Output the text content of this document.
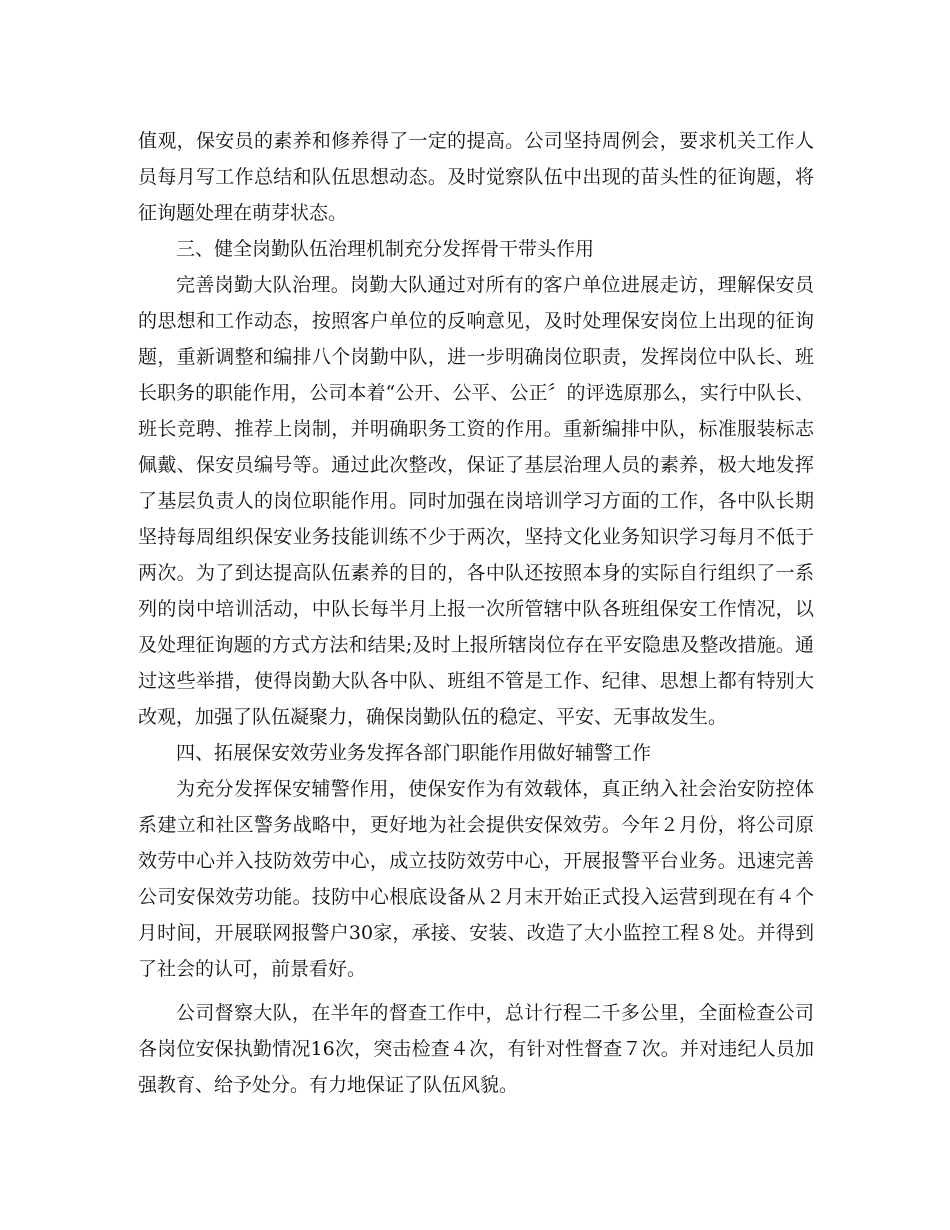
值观，保安员的素养和修养得了一定的提高。公司坚持周例会，要求机关工作人员每月写工作总结和队伍思想动态。及时觉察队伍中出现的苗头性的征询题，将征询题处理在萌芽状态。

三、健全岗勤队伍治理机制充分发挥骨干带头作用

完善岗勤大队治理。岗勤大队通过对所有的客户单位进展走访，理解保安员的思想和工作动态，按照客户单位的反响意见，及时处理保安岗位上出现的征询题，重新调整和编排八个岗勤中队，进一步明确岗位职责，发挥岗位中队长、班长职务的职能作用，公司本着“公开、公平、公正〞的评选原那么，实行中队长、班长竞聘、推荐上岗制，并明确职务工资的作用。重新编排中队，标准服装标志佩戴、保安员编号等。通过此次整改，保证了基层治理人员的素养，极大地发挥了基层负责人的岗位职能作用。同时加强在岗培训学习方面的工作，各中队长期坚持每周组织保安业务技能训练不少于两次，坚持文化业务知识学习每月不低于两次。为了到达提高队伍素养的目的，各中队还按照本身的实际自行组织了一系列的岗中培训活动，中队长每半月上报一次所管辖中队各班组保安工作情况，以及处理征询题的方式方法和结果;及时上报所辖岗位存在平安隐患及整改措施。通过这些举措，使得岗勤大队各中队、班组不管是工作、纪律、思想上都有特别大改观，加强了队伍凝聚力，确保岗勤队伍的稳定、平安、无事故发生。

四、拓展保安效劳业务发挥各部门职能作用做好辅警工作

为充分发挥保安辅警作用，使保安作为有效载体，真正纳入社会治安防控体系建立和社区警务战略中，更好地为社会提供安保效劳。今年２月份，将公司原效劳中心并入技防效劳中心，成立技防效劳中心，开展报警平台业务。迅速完善公司安保效劳功能。技防中心根底设备从２月末开始正式投入运营到现在有４个月时间，开展联网报警户30家，承接、安装、改造了大小监控工程８处。并得到了社会的认可，前景看好。

公司督察大队，在半年的督查工作中，总计行程二千多公里，全面检查公司各岗位安保执勤情况16次，突击检查４次，有针对性督查７次。并对违纪人员加强教育、给予处分。有力地保证了队伍风貌。
